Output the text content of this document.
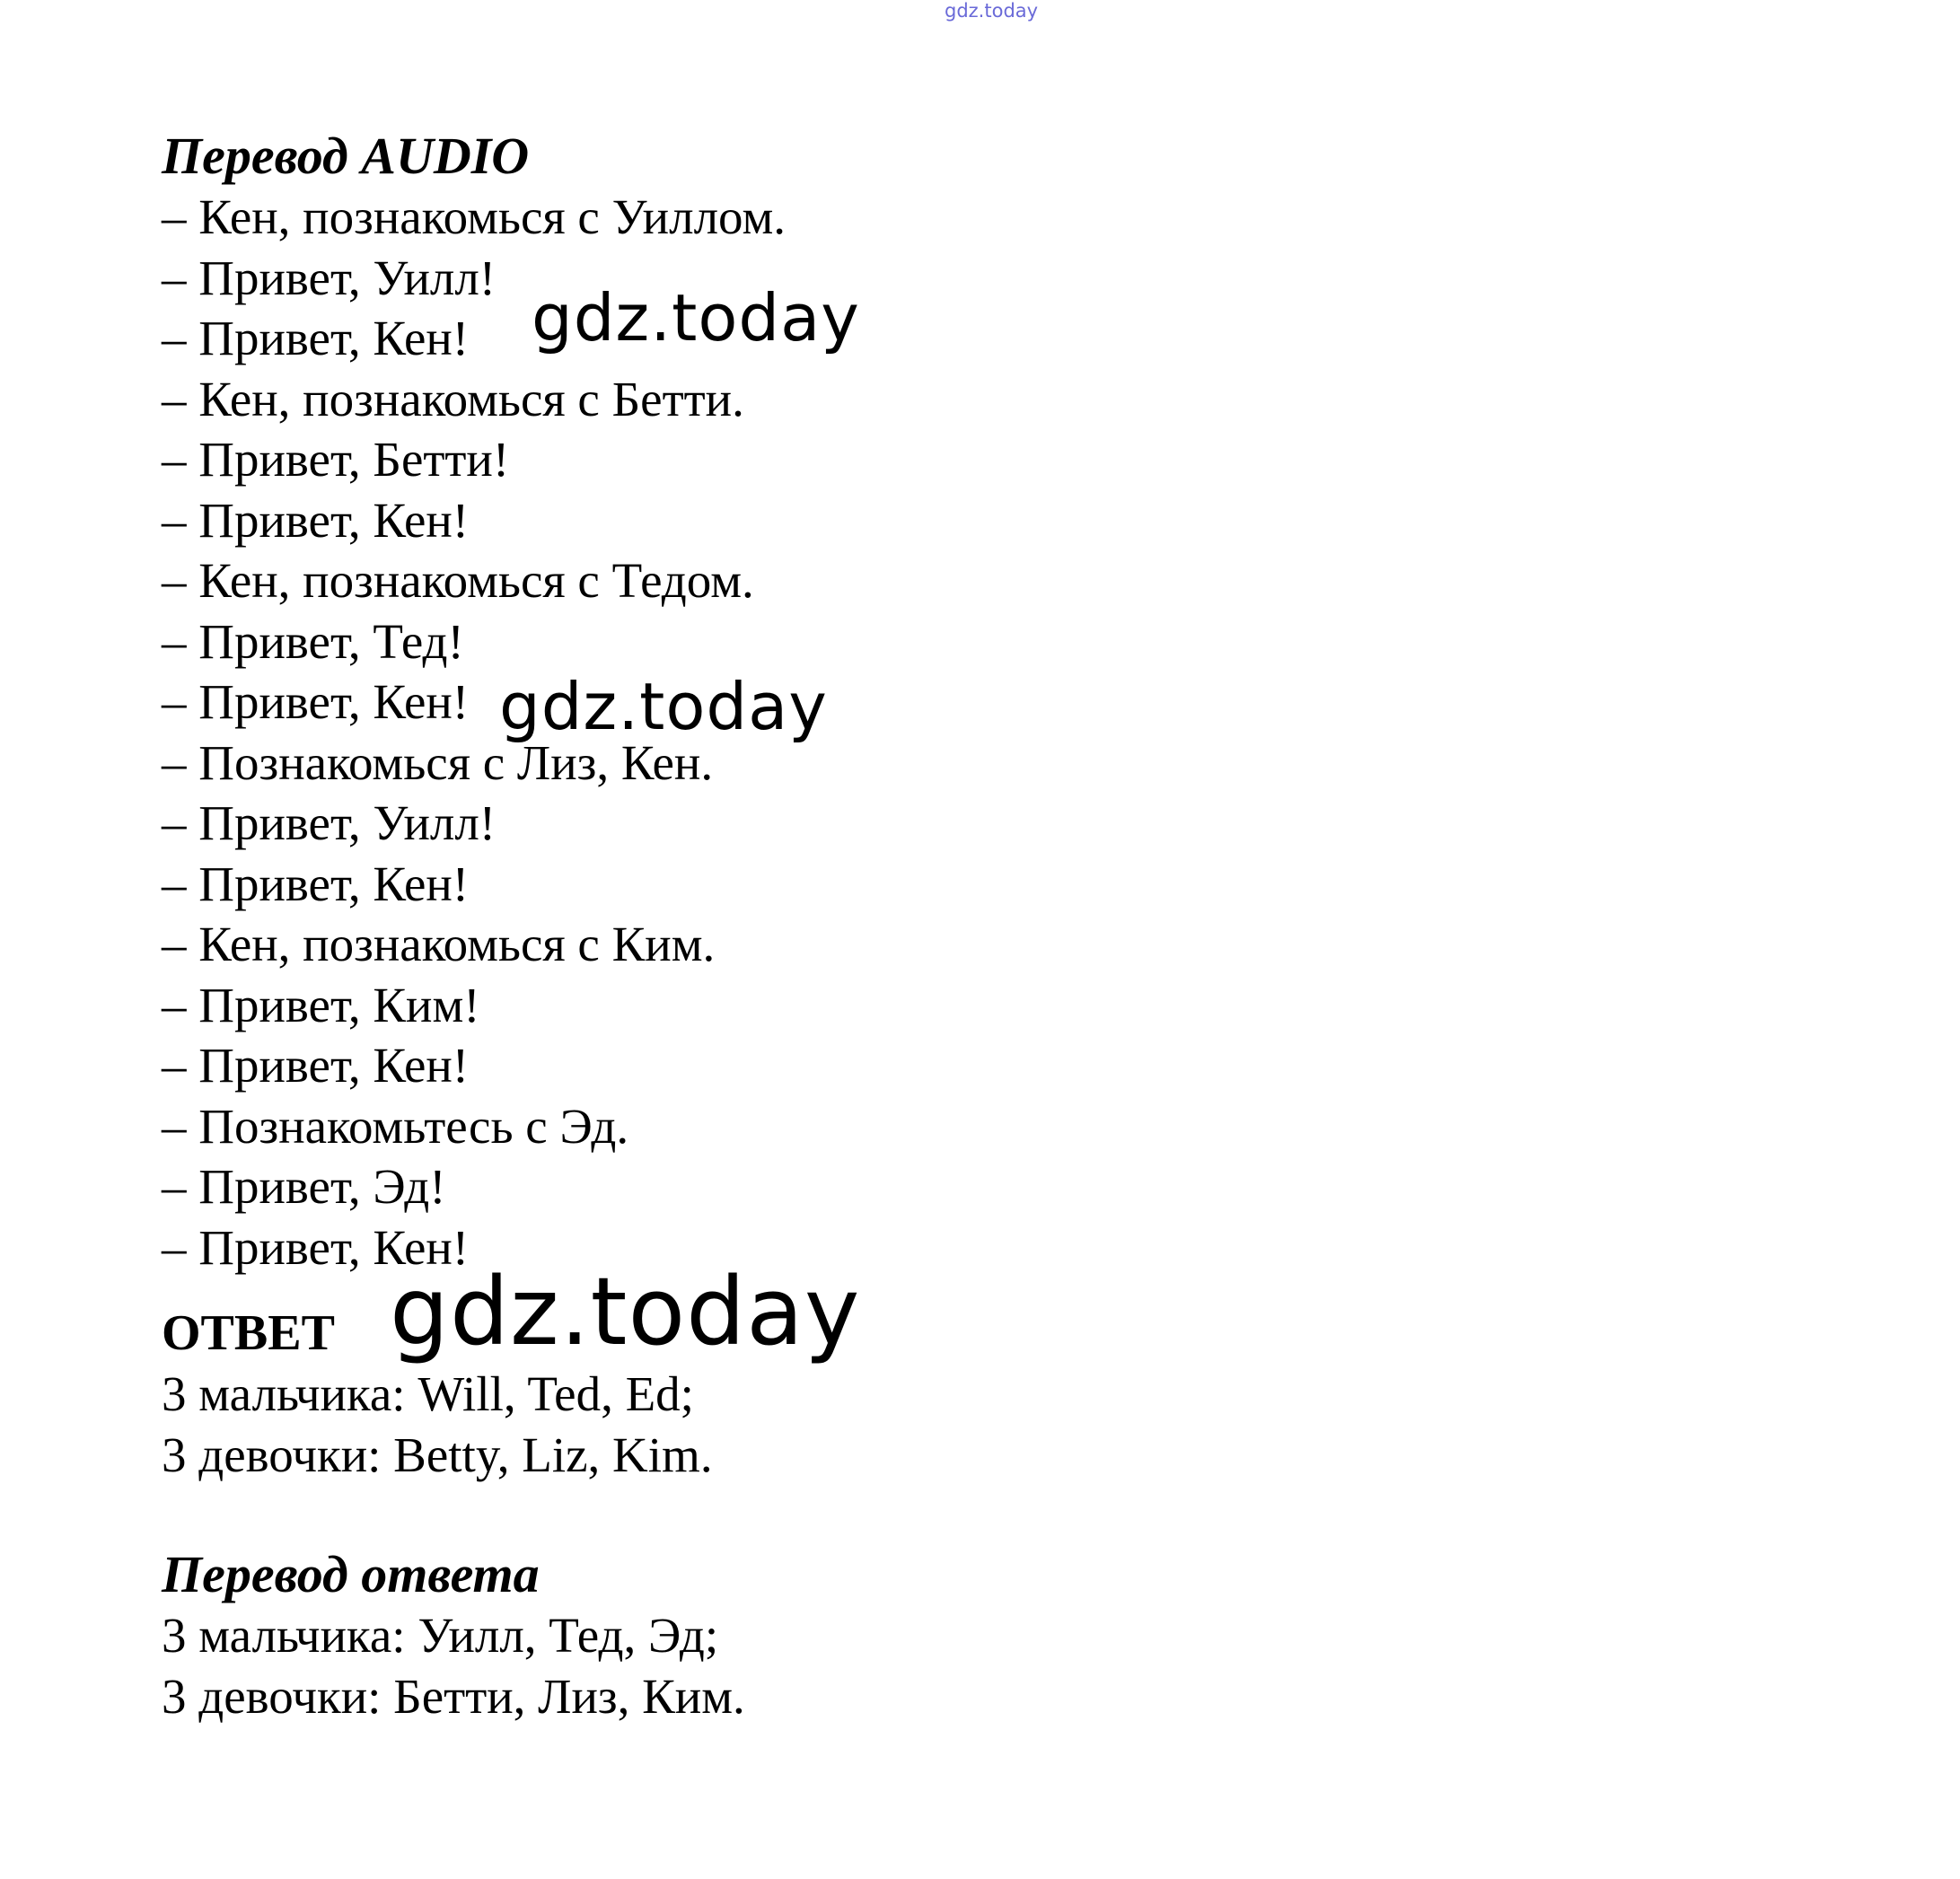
gdz.today
Перевод AUDIO
– Кен, познакомься с Уиллом.
– Привет, Уилл!
– Привет, Кен!
– Кен, познакомься с Бетти.
– Привет, Бетти!
– Привет, Кен!
– Кен, познакомься с Тедом.
– Привет, Тед!
– Привет, Кен!
– Познакомься с Лиз, Кен.
– Привет, Уилл!
– Привет, Кен!
– Кен, познакомься с Ким.
– Привет, Ким!
– Привет, Кен!
– Познакомьтесь с Эд.
– Привет, Эд!
– Привет, Кен!
ОТВЕТ
3 мальчика: Will, Ted, Ed;
3 девочки: Betty, Liz, Kim.
Перевод ответа
3 мальчика: Уилл, Тед, Эд;
3 девочки: Бетти, Лиз, Ким.
gdz.today
gdz.today
gdz.today
